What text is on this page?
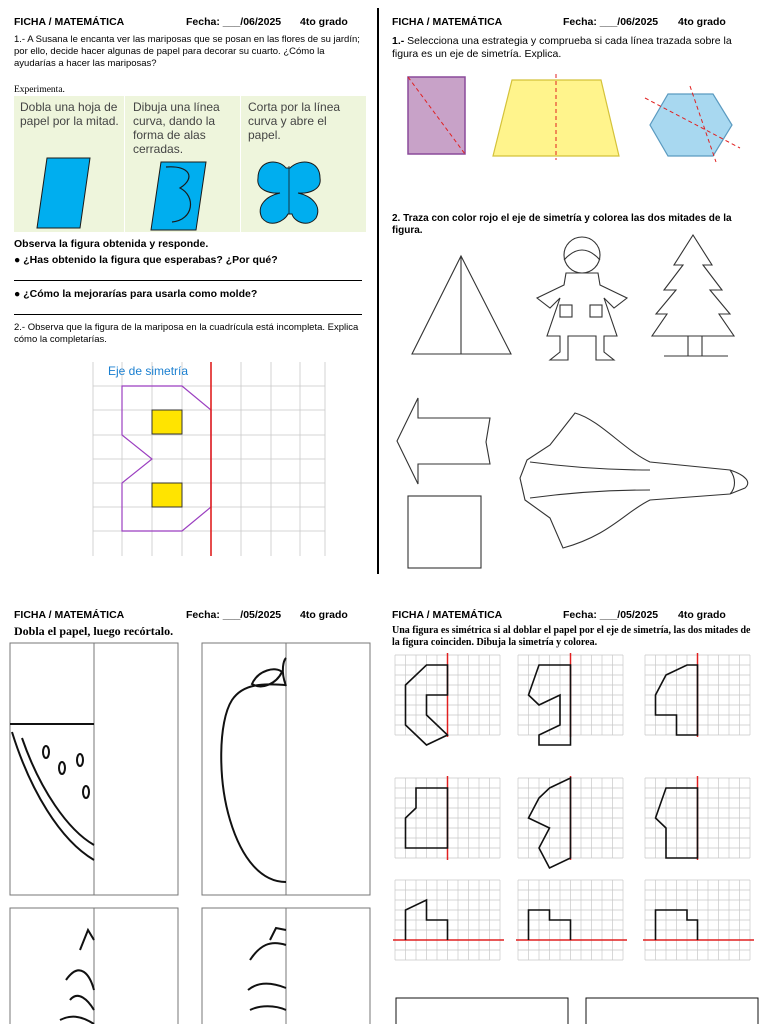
FICHA / MATEMÁTICA	Fecha: ___/06/2025 4to grado
1.- A Susana le encanta ver las mariposas que se posan en las flores de su jardín; por ello, decide hacer algunas de papel para decorar su cuarto. ¿Cómo la ayudarías a hacer las mariposas?
Experimenta.
Dobla una hoja de papel por la mitad.
Dibuja una línea curva, dando la forma de alas cerradas.
Corta por la línea curva y abre el papel.
Observa la figura obtenida y responde.
● ¿Has obtenido la figura que esperabas? ¿Por qué?
● ¿Cómo la mejorarías para usarla como molde?
2.- Observa que la figura de la mariposa en la cuadrícula está incompleta. Explica cómo la completarías.
Eje de simetría
FICHA / MATEMÁTICA	Fecha: ___/06/2025 4to grado
1.- Selecciona una estrategia y comprueba si cada línea trazada sobre la figura es un eje de simetría. Explica.
2. Traza con color rojo el eje de simetría y colorea las dos mitades de la figura.
FICHA / MATEMÁTICA	Fecha: ___/05/2025 4to grado
Dobla el papel, luego recórtalo.
FICHA / MATEMÁTICA	Fecha: ___/05/2025 4to grado
Una figura es simétrica si al doblar el papel por el eje de simetría, las dos mitades de la figura coinciden. Dibuja la simetría y colorea.
